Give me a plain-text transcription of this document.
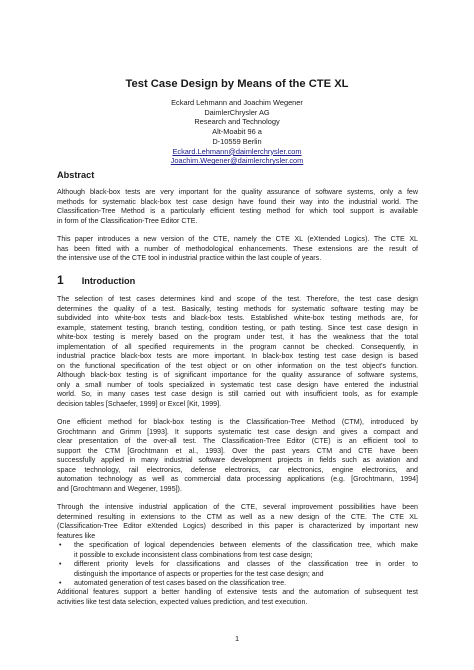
Test Case Design by Means of the CTE XL
Eckard Lehmann and Joachim Wegener
DaimlerChrysler AG
Research and Technology
Alt-Moabit 96 a
D-10559 Berlin
Eckard.Lehmann@daimlerchrysler.com
Joachim.Wegener@daimlerchrysler.com
Abstract
Although black-box tests are very important for the quality assurance of software systems, only a few
methods for systematic black-box test case design have found their way into the industrial world. The
Classification-Tree Method is a particularly efficient testing method for which tool support is available
in form of the Classification-Tree Editor CTE.
This paper introduces a new version of the CTE, namely the CTE XL (eXtended Logics). The CTE XL
has been fitted with a number of methodological enhancements. These extensions are the result of
the intensive use of the CTE tool in industrial practice within the last couple of years.
1 Introduction
The selection of test cases determines kind and scope of the test. Therefore, the test case design
determines the quality of a test. Basically, testing methods for systematic software testing may be
subdivided into white-box tests and black-box tests. Established white-box testing methods are, for
example, statement testing, branch testing, condition testing, or path testing. Since test case design in
white-box testing is merely based on the program under test, it has the weakness that the total
implementation of all specified requirements in the program cannot be checked. Consequently, in
industrial practice black-box tests are more important. In black-box testing test case design is based
on the functional specification of the test object or on other information on the test object's function.
Although black-box testing is of significant importance for the quality assurance of software systems,
only a small number of tools specialized in systematic test case design have entered the industrial
world. So, in many cases test case design is still carried out with insufficient tools, as for example
decision tables [Schaefer, 1999] or Excel [Kit, 1999].
One efficient method for black-box testing is the Classification-Tree Method (CTM), introduced by
Grochtmann and Grimm [1993]. It supports systematic test case design and gives a compact and
clear presentation of the over-all test. The Classification-Tree Editor (CTE) is an efficient tool to
support the CTM [Grochtmann et al., 1993]. Over the past years CTM and CTE have been
successfully applied in many industrial software development projects in fields such as aviation and
space technology, rail electronics, defense electronics, car electronics, engine electronics, and
automation technology as well as commercial data processing applications (e.g. [Grochtmann, 1994]
and [Grochtmann and Wegener, 1995]).
Through the intensive industrial application of the CTE, several improvement possibilities have been
determined resulting in extensions to the CTM as well as a new design of the CTE. The CTE XL
(Classification-Tree Editor eXtended Logics) described in this paper is characterized by important new
features like
• the specification of logical dependencies between elements of the classification tree, which make
it possible to exclude inconsistent class combinations from test case design;
• different priority levels for classifications and classes of the classification tree in order to
distinguish the importance of aspects or properties for the test case design; and
• automated generation of test cases based on the classification tree.
Additional features support a better handling of extensive tests and the automation of subsequent test
activities like test data selection, expected values prediction, and test execution.
1
